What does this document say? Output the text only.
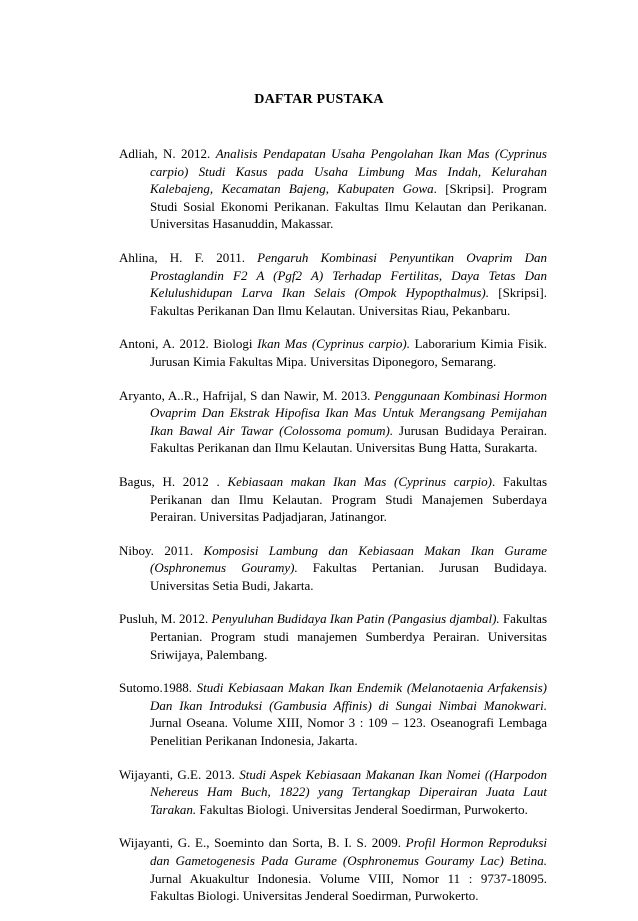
DAFTAR PUSTAKA

Adliah, N. 2012. Analisis Pendapatan Usaha Pengolahan Ikan Mas (Cyprinus carpio) Studi Kasus pada Usaha Limbung Mas Indah, Kelurahan Kalebajeng, Kecamatan Bajeng, Kabupaten Gowa. [Skripsi]. Program Studi Sosial Ekonomi Perikanan. Fakultas Ilmu Kelautan dan Perikanan. Universitas Hasanuddin, Makassar.

Ahlina, H. F. 2011. Pengaruh Kombinasi Penyuntikan Ovaprim Dan Prostaglandin F2 A (Pgf2 A) Terhadap Fertilitas, Daya Tetas Dan Kelulushidupan Larva Ikan Selais (Ompok Hypopthalmus). [Skripsi]. Fakultas Perikanan Dan Ilmu Kelautan. Universitas Riau, Pekanbaru.

Antoni, A. 2012. Biologi Ikan Mas (Cyprinus carpio). Laborarium Kimia Fisik. Jurusan Kimia Fakultas Mipa. Universitas Diponegoro, Semarang.

Aryanto, A..R., Hafrijal, S dan Nawir, M. 2013. Penggunaan Kombinasi Hormon Ovaprim Dan Ekstrak Hipofisa Ikan Mas Untuk Merangsang Pemijahan Ikan Bawal Air Tawar (Colossoma pomum). Jurusan Budidaya Perairan. Fakultas Perikanan dan Ilmu Kelautan. Universitas Bung Hatta, Surakarta.

Bagus, H. 2012 . Kebiasaan makan Ikan Mas (Cyprinus carpio). Fakultas Perikanan dan Ilmu Kelautan. Program Studi Manajemen Suberdaya Perairan. Universitas Padjadjaran, Jatinangor.

Niboy. 2011. Komposisi Lambung dan Kebiasaan Makan Ikan Gurame (Osphronemus Gouramy). Fakultas Pertanian. Jurusan Budidaya. Universitas Setia Budi, Jakarta.

Pusluh, M. 2012. Penyuluhan Budidaya Ikan Patin (Pangasius djambal). Fakultas Pertanian. Program studi manajemen Sumberdya Perairan. Universitas Sriwijaya, Palembang.

Sutomo.1988. Studi Kebiasaan Makan Ikan Endemik (Melanotaenia Arfakensis) Dan Ikan Introduksi (Gambusia Affinis) di Sungai Nimbai Manokwari. Jurnal Oseana. Volume XIII, Nomor 3 : 109 – 123. Oseanografi Lembaga Penelitian Perikanan Indonesia, Jakarta.

Wijayanti, G.E. 2013. Studi Aspek Kebiasaan Makanan Ikan Nomei ((Harpodon Nehereus Ham Buch, 1822) yang Tertangkap Diperairan Juata Laut Tarakan. Fakultas Biologi. Universitas Jenderal Soedirman, Purwokerto.

Wijayanti, G. E., Soeminto dan Sorta, B. I. S. 2009. Profil Hormon Reproduksi dan Gametogenesis Pada Gurame (Osphronemus Gouramy Lac) Betina. Jurnal Akuakultur Indonesia. Volume VIII, Nomor 11 : 9737-18095. Fakultas Biologi. Universitas Jenderal Soedirman, Purwokerto.
